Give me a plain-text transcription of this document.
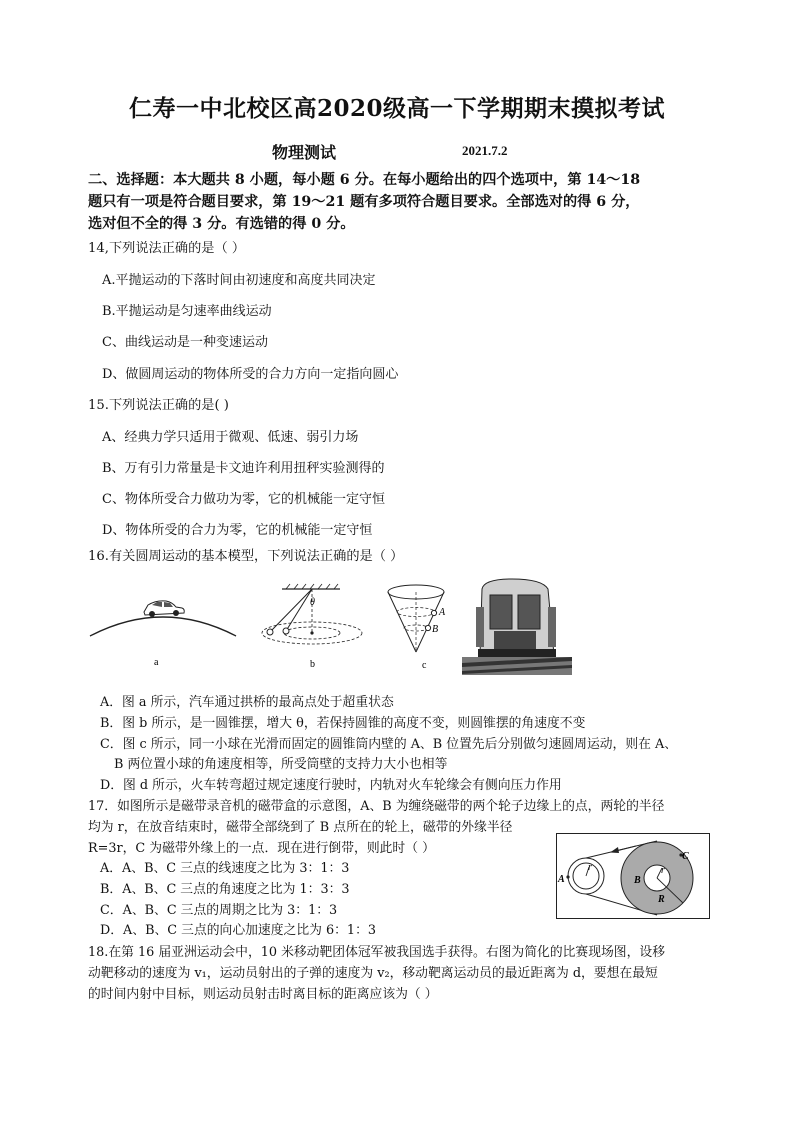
仁寿一中北校区高2020级高一下学期期末摸拟考试
物理测试	2021.7.2
二、选择题：本大题共 8 小题，每小题 6 分。在每小题给出的四个选项中，第 14～18
题只有一项是符合题目要求，第 19～21 题有多项符合题目要求。全部选对的得 6 分，
选对但不全的得 3 分。有选错的得 0 分。
14,下列说法正确的是（ ）
A.平抛运动的下落时间由初速度和高度共同决定
B.平抛运动是匀速率曲线运动
C、曲线运动是一种变速运动
D、做圆周运动的物体所受的合力方向一定指向圆心
15.下列说法正确的是( )
A、经典力学只适用于微观、低速、弱引力场
B、万有引力常量是卡文迪许利用扭秤实验测得的
C、物体所受合力做功为零，它的机械能一定守恒
D、物体所受的合力为零，它的机械能一定守恒
16.有关圆周运动的基本模型，下列说法正确的是（ ）
a
θ
b
A
B
c
A．图 a 所示，汽车通过拱桥的最高点处于超重状态
B．图 b 所示，是一圆锥摆，增大 θ，若保持圆锥的高度不变，则圆锥摆的角速度不变
C．图 c 所示，同一小球在光滑而固定的圆锥筒内壁的 A、B 位置先后分别做匀速圆周运动，则在 A、
B 两位置小球的角速度相等，所受筒壁的支持力大小也相等
D．图 d 所示，火车转弯超过规定速度行驶时，内轨对火车轮缘会有侧向压力作用
17．如图所示是磁带录音机的磁带盒的示意图，A、B 为缠绕磁带的两个轮子边缘上的点，两轮的半径
均为 r，在放音结束时，磁带全部绕到了 B 点所在的轮上，磁带的外缘半径
R=3r，C 为磁带外缘上的一点．现在进行倒带，则此时（ ）
A．A、B、C 三点的线速度之比为 3：1：3
B．A、B、C 三点的角速度之比为 1：3：3
C．A、B、C 三点的周期之比为 3：1：3
D．A、B、C 三点的向心加速度之比为 6：1：3
A	B
C
r	r
R
18.在第 16 届亚洲运动会中，10 米移动靶团体冠军被我国选手获得。右图为简化的比赛现场图，设移
动靶移动的速度为 v₁，运动员射出的子弹的速度为 v₂，移动靶离运动员的最近距离为 d，要想在最短
的时间内射中目标，则运动员射击时离目标的距离应该为（ ）
